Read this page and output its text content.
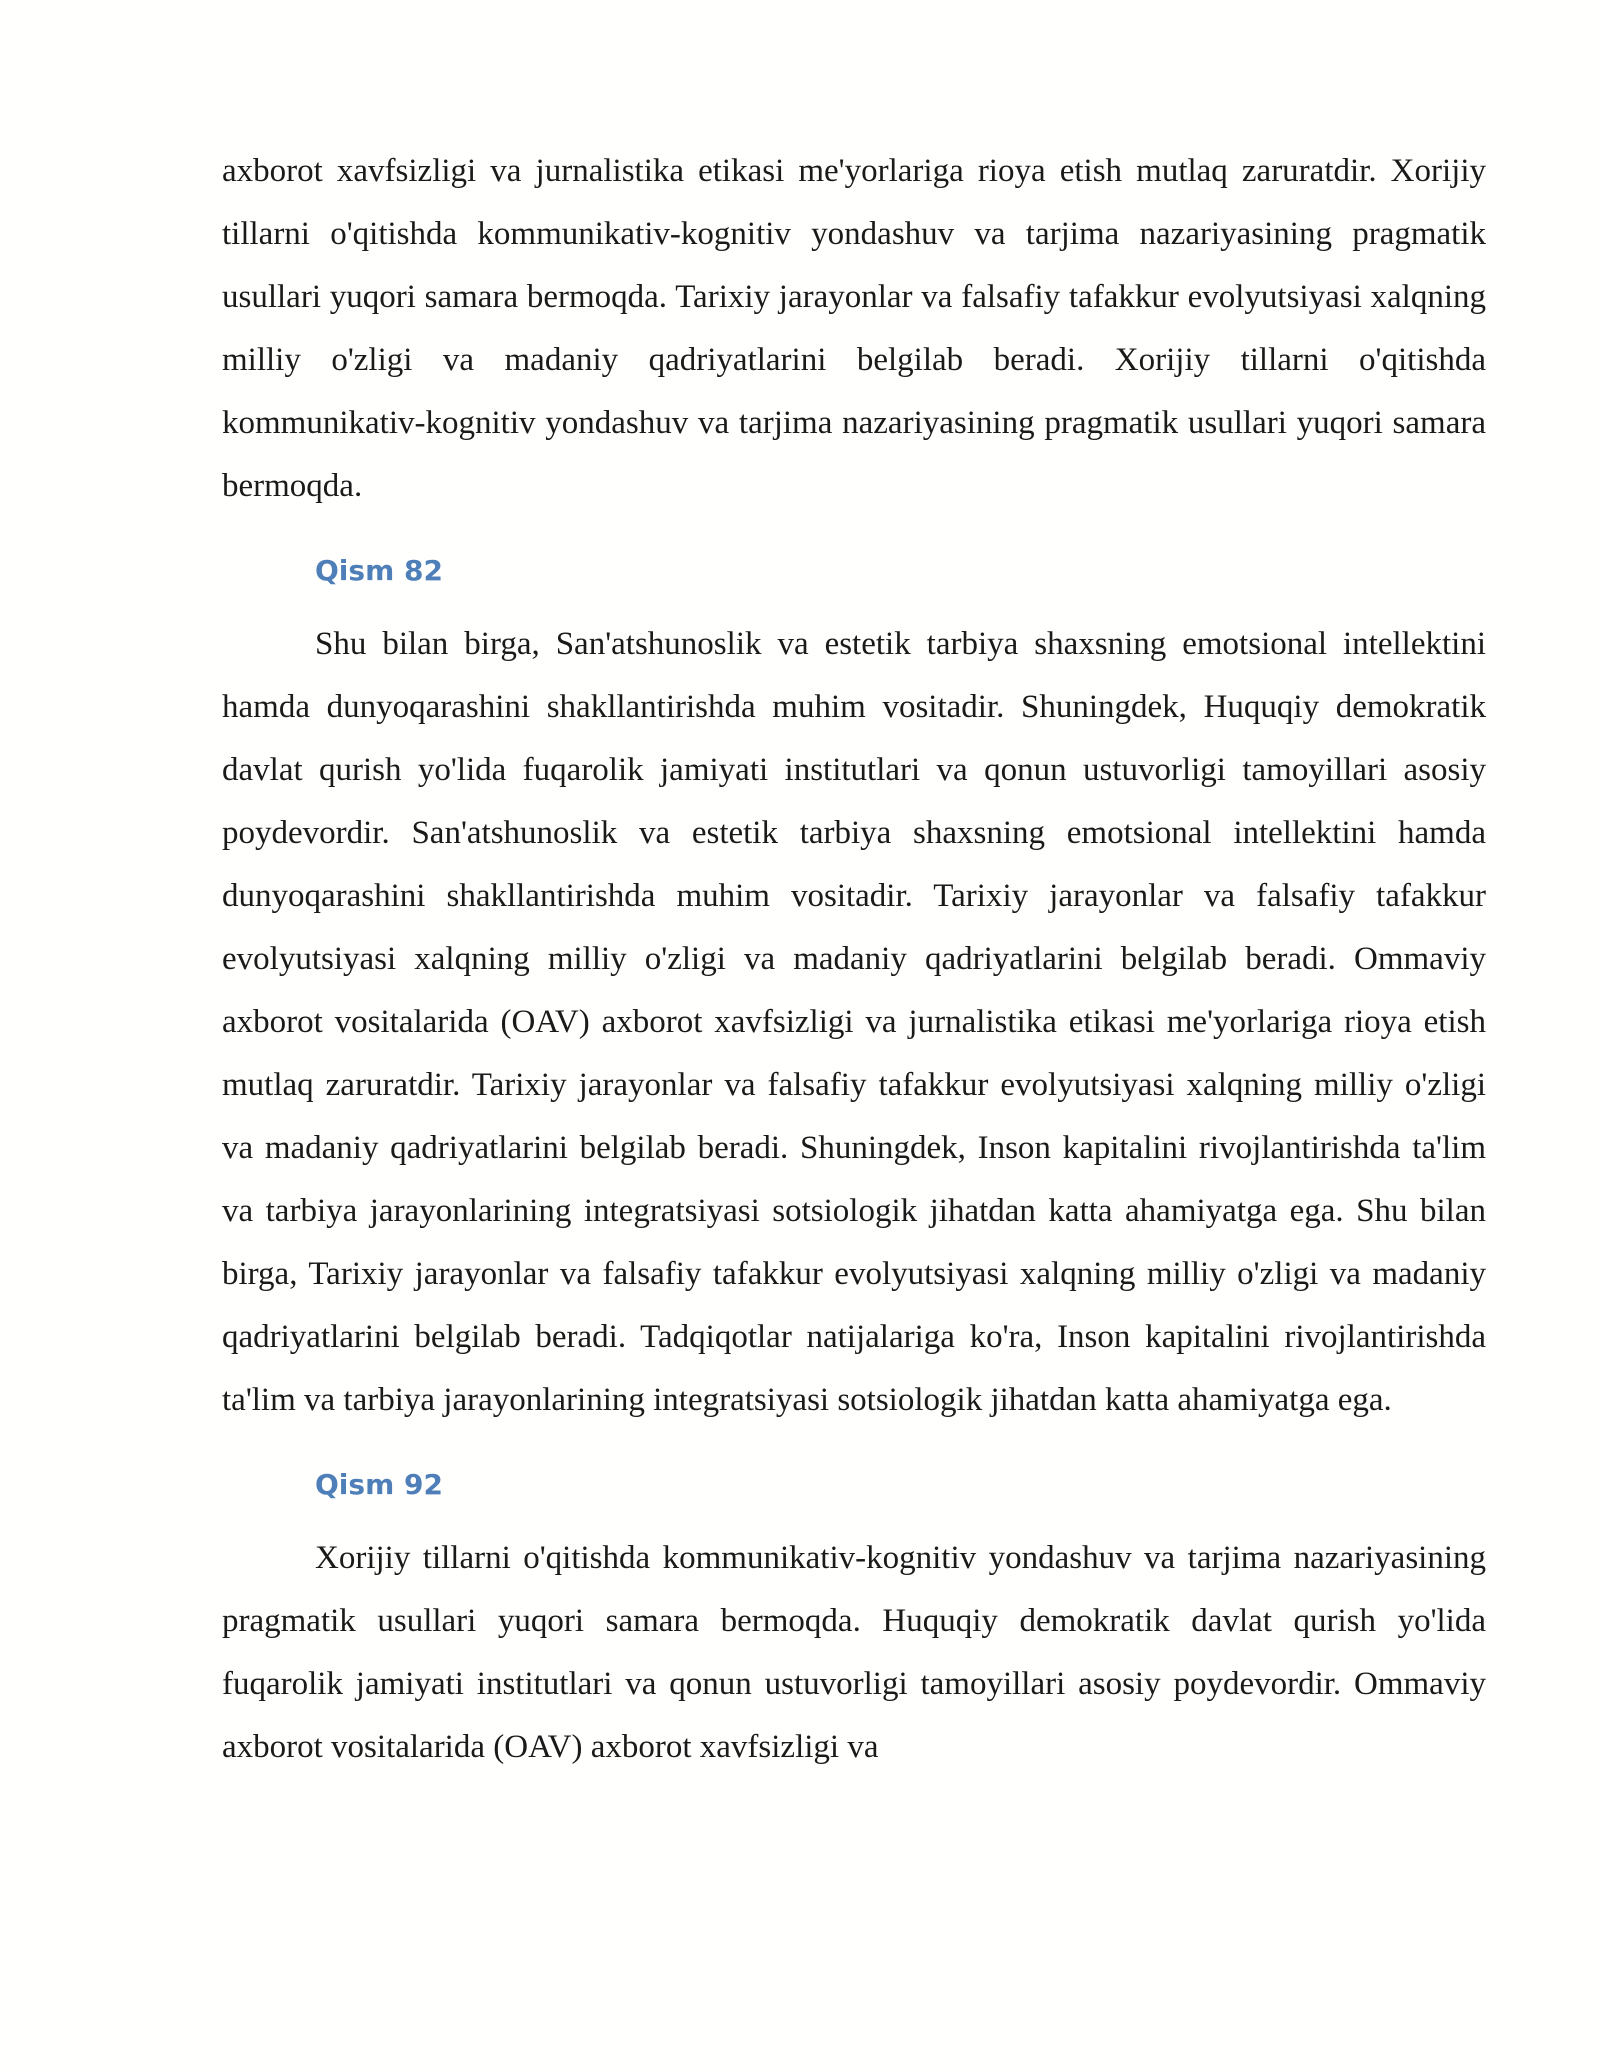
axborot xavfsizligi va jurnalistika etikasi me'yorlariga rioya etish mutlaq zaruratdir. Xorijiy tillarni o'qitishda kommunikativ-kognitiv yondashuv va tarjima nazariyasining pragmatik usullari yuqori samara bermoqda. Tarixiy jarayonlar va falsafiy tafakkur evolyutsiyasi xalqning milliy o'zligi va madaniy qadriyatlarini belgilab beradi. Xorijiy tillarni o'qitishda kommunikativ-kognitiv yondashuv va tarjima nazariyasining pragmatik usullari yuqori samara bermoqda.

Qism 82

Shu bilan birga, San'atshunoslik va estetik tarbiya shaxsning emotsional intellektini hamda dunyoqarashini shakllantirishda muhim vositadir. Shuningdek, Huquqiy demokratik davlat qurish yo'lida fuqarolik jamiyati institutlari va qonun ustuvorligi tamoyillari asosiy poydevordir. San'atshunoslik va estetik tarbiya shaxsning emotsional intellektini hamda dunyoqarashini shakllantirishda muhim vositadir. Tarixiy jarayonlar va falsafiy tafakkur evolyutsiyasi xalqning milliy o'zligi va madaniy qadriyatlarini belgilab beradi. Ommaviy axborot vositalarida (OAV) axborot xavfsizligi va jurnalistika etikasi me'yorlariga rioya etish mutlaq zaruratdir. Tarixiy jarayonlar va falsafiy tafakkur evolyutsiyasi xalqning milliy o'zligi va madaniy qadriyatlarini belgilab beradi. Shuningdek, Inson kapitalini rivojlantirishda ta'lim va tarbiya jarayonlarining integratsiyasi sotsiologik jihatdan katta ahamiyatga ega. Shu bilan birga, Tarixiy jarayonlar va falsafiy tafakkur evolyutsiyasi xalqning milliy o'zligi va madaniy qadriyatlarini belgilab beradi. Tadqiqotlar natijalariga ko'ra, Inson kapitalini rivojlantirishda ta'lim va tarbiya jarayonlarining integratsiyasi sotsiologik jihatdan katta ahamiyatga ega.

Qism 92

Xorijiy tillarni o'qitishda kommunikativ-kognitiv yondashuv va tarjima nazariyasining pragmatik usullari yuqori samara bermoqda. Huquqiy demokratik davlat qurish yo'lida fuqarolik jamiyati institutlari va qonun ustuvorligi tamoyillari asosiy poydevordir. Ommaviy axborot vositalarida (OAV) axborot xavfsizligi va
